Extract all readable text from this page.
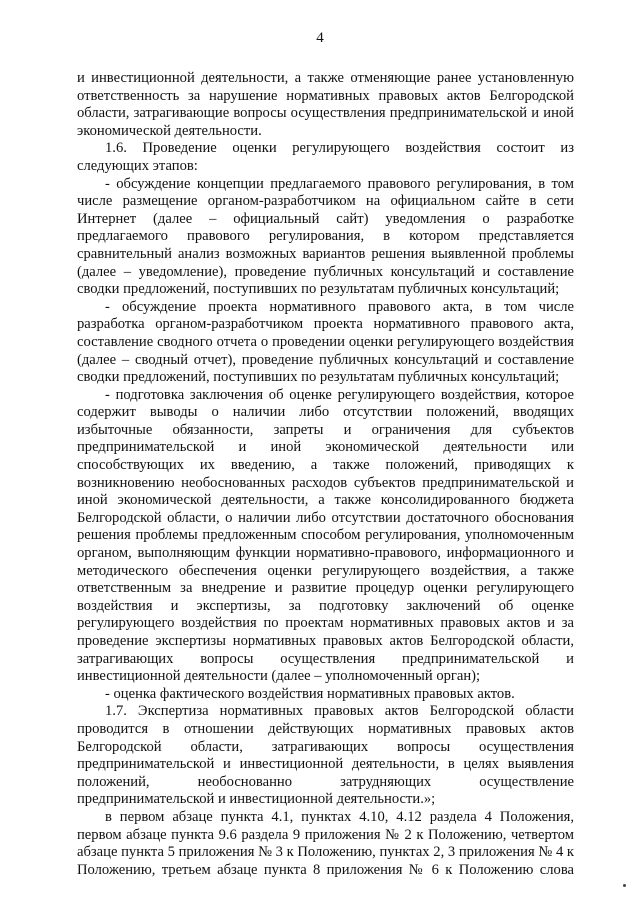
4

и инвестиционной деятельности, а также отменяющие ранее установленную ответственность за нарушение нормативных правовых актов Белгородской области, затрагивающие вопросы осуществления предпринимательской и иной экономической деятельности.

1.6. Проведение оценки регулирующего воздействия состоит из следующих этапов:

- обсуждение концепции предлагаемого правового регулирования, в том числе размещение органом-разработчиком на официальном сайте в сети Интернет (далее – официальный сайт) уведомления о разработке предлагаемого правового регулирования, в котором представляется сравнительный анализ возможных вариантов решения выявленной проблемы (далее – уведомление), проведение публичных консультаций и составление сводки предложений, поступивших по результатам публичных консультаций;

- обсуждение проекта нормативного правового акта, в том числе разработка органом-разработчиком проекта нормативного правового акта, составление сводного отчета о проведении оценки регулирующего воздействия (далее – сводный отчет), проведение публичных консультаций и составление сводки предложений, поступивших по результатам публичных консультаций;

- подготовка заключения об оценке регулирующего воздействия, которое содержит выводы о наличии либо отсутствии положений, вводящих избыточные обязанности, запреты и ограничения для субъектов предпринимательской и иной экономической деятельности или способствующих их введению, а также положений, приводящих к возникновению необоснованных расходов субъектов предпринимательской и иной экономической деятельности, а также консолидированного бюджета Белгородской области, о наличии либо отсутствии достаточного обоснования решения проблемы предложенным способом регулирования, уполномоченным органом, выполняющим функции нормативно-правового, информационного и методического обеспечения оценки регулирующего воздействия, а также ответственным за внедрение и развитие процедур оценки регулирующего воздействия и экспертизы, за подготовку заключений об оценке регулирующего воздействия по проектам нормативных правовых актов и за проведение экспертизы нормативных правовых актов Белгородской области, затрагивающих вопросы осуществления предпринимательской и инвестиционной деятельности (далее – уполномоченный орган);

- оценка фактического воздействия нормативных правовых актов.

1.7. Экспертиза нормативных правовых актов Белгородской области проводится в отношении действующих нормативных правовых актов Белгородской области, затрагивающих вопросы осуществления предпринимательской и инвестиционной деятельности, в целях выявления положений, необоснованно затрудняющих осуществление предпринимательской и инвестиционной деятельности.»;

в первом абзаце пункта 4.1, пунктах 4.10, 4.12 раздела 4 Положения, первом абзаце пункта 9.6 раздела 9 приложения № 2 к Положению, четвертом абзаце пункта 5 приложения № 3 к Положению, пунктах 2, 3 приложения № 4 к Положению, третьем абзаце пункта 8 приложения № 6 к Положению слова
